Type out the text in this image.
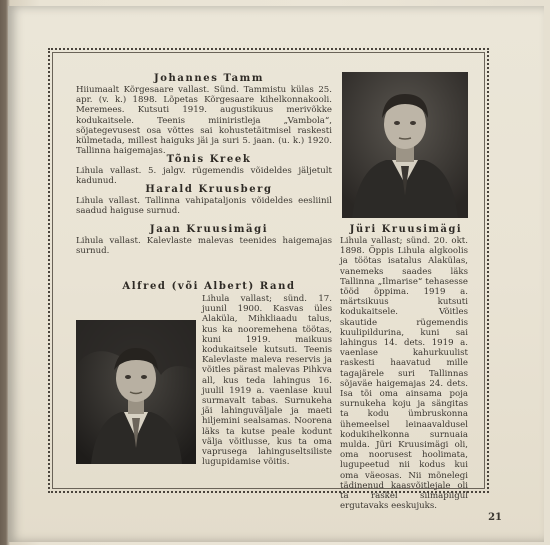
Johannes Tamm
Hiiumaalt Kõrgesaare vallast. Sünd. Tammistu külas 25. apr. (v. k.) 1898. Lõpetas Kõrgesaare kihelkonnakooli. Meremees. Kutsuti 1919. augustikuus merivõkke kodukaitsele. Teenis miiniristleja „Vambola“, sõjategevusest osa võttes sai kohustetäitmisel raskesti külmetada, millest haiguks jäi ja suri 5. jaan. (u. k.) 1920. Tallinna haigemajas.
Tõnis Kreek
Lihula vallast. 5. jalgv. rügemendis võideldes jäljetult kadunud.
Harald Kruusberg
Lihula vallast. Tallinna vahipataljonis võideldes eesliinil saadud haiguse surnud.
Jaan Kruusimägi
Lihula vallast. Kalevlaste malevas teenides haigemajas surnud.
Alfred (või Albert) Rand
Lihula vallast; sünd. 17. juunil 1900. Kasvas üles Alaküla, Mihkliaadu talus, kus ka nooremehena töötas, kuni 1919. maikuus kodukaitsele kutsuti. Teenis Kalevlaste maleva reservis ja võitles pärast malevas Pihkva all, kus teda lahingus 16. juulil 1919 a. vaenlase kuul surmavalt tabas. Surnukeha jäi lahinguväljale ja maeti hiljemini sealsamas. Noorena läks ta kutse peale kodunt välja võitlusse, kus ta oma vaprusega lahinguseltsiliste lugupidamise võitis.
Jüri Kruusimägi
Lihula vallast; sünd. 20. okt. 1898. Õppis Lihula algkoolis ja töötas isatalus Alakülas, vanemeks saades läks Tallinna „Ilmarise“ tehasesse tööd õppima. 1919 a. märtsikuus kutsuti kodukaitsele. Võitles skautide rügemendis kuulipildurina, kuni sai lahingus 14. dets. 1919 a. vaenlase kahurkuulist raskesti haavatud mille tagajärele suri Tallinnas sõjaväe haigemajas 24. dets. Isa tõi oma ainsama poja surnukeha koju ja sängitas ta kodu ümbruskonna ühemeelsel leinaavaldusel kodukihelkonna surnuaia mulda. Jüri Kruusimägi oli, oma noorusest hoolimata, lugupeetud nii kodus kui oma väeosas. Nii mõnelegi tädinenud kaasvõitlejale oli ta raskel silmapilgul ergutavaks eeskujuks.
21
